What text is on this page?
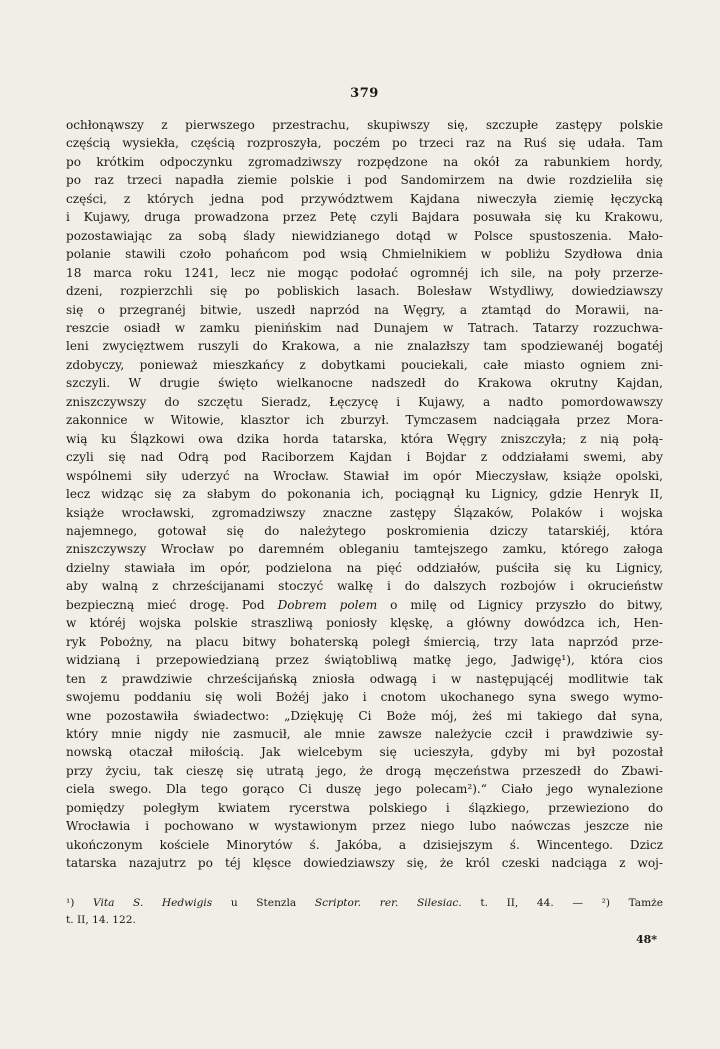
379
ochłonąwszy z pierwszego przestrachu, skupiwszy się, szczupłe zastępy polskie
częścią wysiekła, częścią rozproszyła, poczém po trzeci raz na Ruś się udała. Tam
po krótkim odpoczynku zgromadziwszy rozpędzone na okół za rabunkiem hordy,
po raz trzeci napadła ziemie polskie i pod Sandomirzem na dwie rozdzieliła się
części, z których jedna pod przywództwem Kajdana niweczyła ziemię łęczycką
i Kujawy, druga prowadzona przez Petę czyli Bajdara posuwała się ku Krakowu,
pozostawiając za sobą ślady niewidzianego dotąd w Polsce spustoszenia. Mało-
polanie stawili czoło pohańcom pod wsią Chmielnikiem w pobliżu Szydłowa dnia
18 marca roku 1241, lecz nie mogąc podołać ogromnéj ich sile, na poły przerze-
dzeni, rozpierzchli się po pobliskich lasach. Bolesław Wstydliwy, dowiedziawszy
się o przegranéj bitwie, uszedł naprzód na Węgry, a ztamtąd do Morawii, na-
reszcie osiadł w zamku pienińskim nad Dunajem w Tatrach. Tatarzy rozzuchwa-
leni zwycięztwem ruszyli do Krakowa, a nie znalazłszy tam spodziewanéj bogatéj
zdobyczy, ponieważ mieszkańcy z dobytkami pouciekali, całe miasto ogniem zni-
szczyli. W drugie święto wielkanocne nadszedł do Krakowa okrutny Kajdan,
zniszczywszy do szczętu Sieradz, Łęczycę i Kujawy, a nadto pomordowawszy
zakonnice w Witowie, klasztor ich zburzył. Tymczasem nadciągała przez Mora-
wią ku Ślązkowi owa dzika horda tatarska, która Węgry zniszczyła; z nią połą-
czyli się nad Odrą pod Raciborzem Kajdan i Bojdar z oddziałami swemi, aby
wspólnemi siły uderzyć na Wrocław. Stawiał im opór Mieczysław, książe opolski,
lecz widząc się za słabym do pokonania ich, pociągnął ku Lignicy, gdzie Henryk II,
książe wrocławski, zgromadziwszy znaczne zastępy Ślązaków, Polaków i wojska
najemnego, gotował się do należytego poskromienia dziczy tatarskiéj, która
zniszczywszy Wrocław po daremném obleganiu tamtejszego zamku, którego załoga
dzielny stawiała im opór, podzielona na pięć oddziałów, puściła się ku Lignicy,
aby walną z chrześcijanami stoczyć walkę i do dalszych rozbojów i okrucieństw
bezpieczną mieć drogę. Pod Dobrem polem o milę od Lignicy przyszło do bitwy,
w któréj wojska polskie straszliwą poniosły klęskę, a główny dowódzca ich, Hen-
ryk Pobożny, na placu bitwy bohaterską poległ śmiercią, trzy lata naprzód prze-
widzianą i przepowiedzianą przez świątobliwą matkę jego, Jadwigę¹), która cios
ten z prawdziwie chrześcijańską zniosła odwagą i w następującéj modlitwie tak
swojemu poddaniu się woli Bożéj jako i cnotom ukochanego syna swego wymo-
wne pozostawiła świadectwo: „Dziękuję Ci Boże mój, żeś mi takiego dał syna,
który mnie nigdy nie zasmucił, ale mnie zawsze należycie czcił i prawdziwie sy-
nowską otaczał miłością. Jak wielcebym się ucieszyła, gdyby mi był pozostał
przy życiu, tak cieszę się utratą jego, że drogą męczeństwa przeszedł do Zbawi-
ciela swego. Dla tego gorąco Ci duszę jego polecam²).“ Ciało jego wynalezione
pomiędzy poległym kwiatem rycerstwa polskiego i ślązkiego, przewieziono do
Wrocławia i pochowano w wystawionym przez niego lubo naówczas jeszcze nie
ukończonym kościele Minorytów ś. Jakóba, a dzisiejszym ś. Wincentego. Dzicz
tatarska nazajutrz po téj klęsce dowiedziawszy się, że król czeski nadciąga z woj-
¹) Vita S. Hedwigis u Stenzla Scriptor. rer. Silesiac. t. II, 44. — ²) Tamże
t. II, 14. 122.
48*
